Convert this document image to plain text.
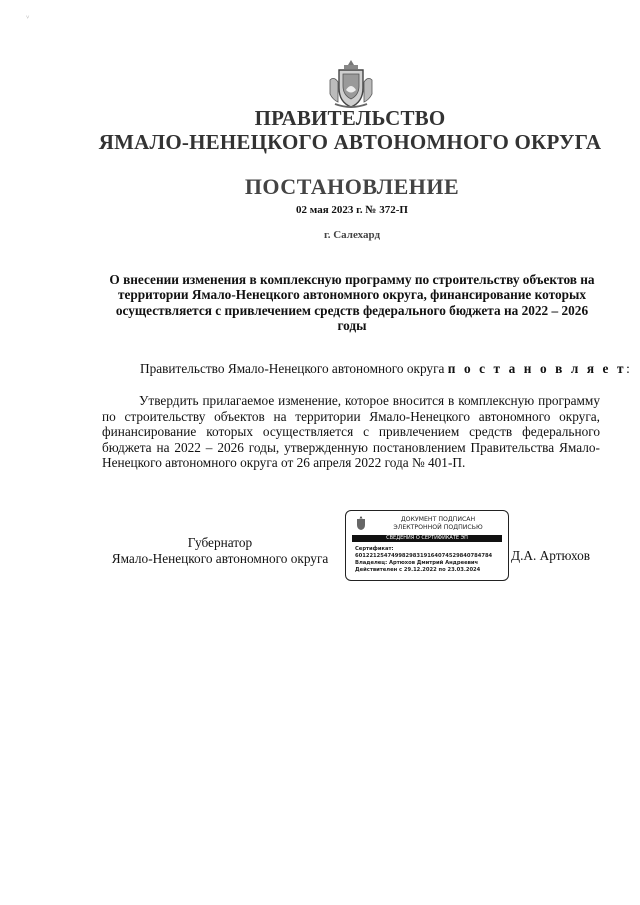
˅
ПРАВИТЕЛЬСТВО
ЯМАЛО-НЕНЕЦКОГО АВТОНОМНОГО ОКРУГА
ПОСТАНОВЛЕНИЕ
02 мая 2023 г. № 372-П
г. Салехард
О внесении изменения в комплексную программу по строительству объектов на территории Ямало-Ненецкого автономного округа, финансирование которых осуществляется с привлечением средств федерального бюджета на 2022 – 2026 годы
Правительство Ямало-Ненецкого автономного округа п о с т а н о в л я е т:
Утвердить прилагаемое изменение, которое вносится в комплексную программу по строительству объектов на территории Ямало-Ненецкого автономного округа, финансирование которых осуществляется с привлечением средств федерального бюджета на 2022 – 2026 годы, утвержденную постановлением Правительства Ямало-Ненецкого автономного округа от 26 апреля 2022 года № 401-П.
Губернатор
Ямало-Ненецкого автономного округа
ДОКУМЕНТ ПОДПИСАН
ЭЛЕКТРОННОЙ ПОДПИСЬЮ
СВЕДЕНИЯ О СЕРТИФИКАТЕ ЭП
Сертификат:
60122125474998298319164074529840784784
Владелец: Артюхов Дмитрий Андреевич
Действителен с 29.12.2022 по 23.03.2024
Д.А. Артюхов
